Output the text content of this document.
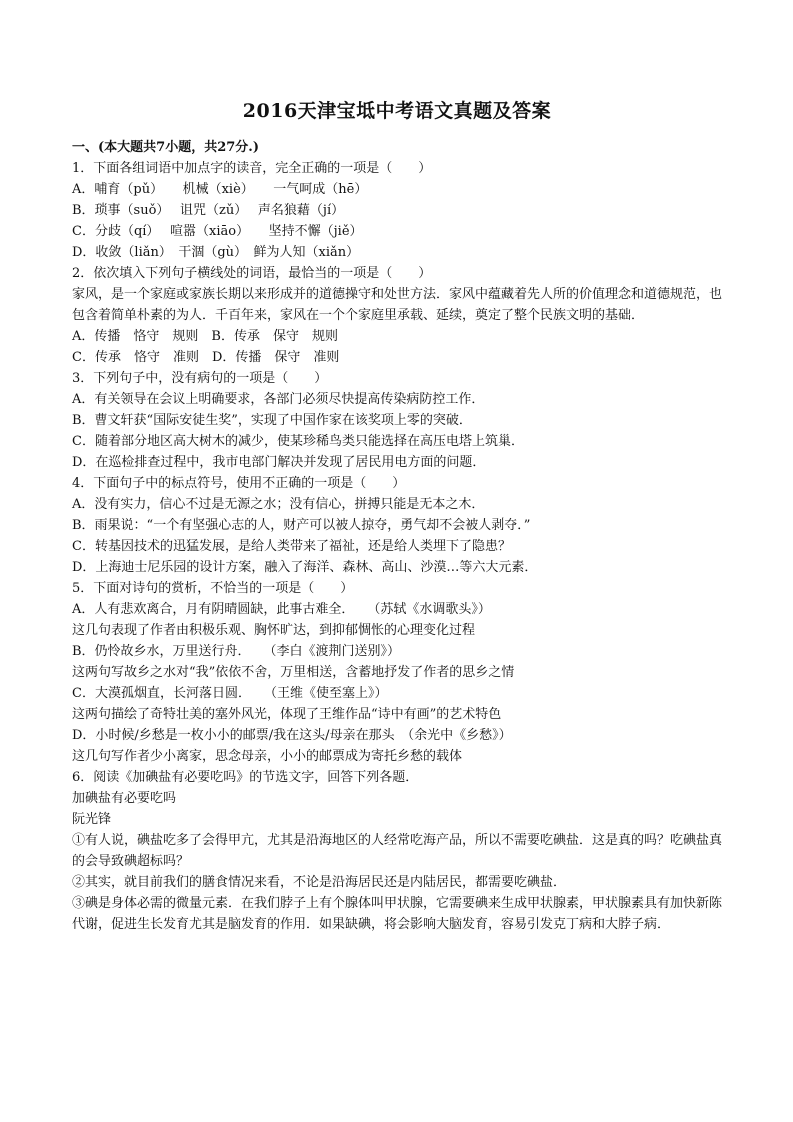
2016天津宝坻中考语文真题及答案
一、(本大题共7小题，共27分.)
1．下面各组词语中加点字的读音，完全正确的一项是（　　）
A．哺育（pǔ）　　机械（xiè）　　一气呵成（hē）
B．琐事（suǒ）　 诅咒（zǔ）　 声名狼藉（jí）
C．分歧（qí）　 喧嚣（xiāo）　　坚持不懈（jiě）
D．收敛（liǎn）　干涸（gù）　鲜为人知（xiǎn）
2．依次填入下列句子横线处的词语，最恰当的一项是（　　）
家风，是一个家庭或家族长期以来形成并的道德操守和处世方法．家风中蕴藏着先人所的价值理念和道德规范，也包含着简单朴素的为人．千百年来，家风在一个个家庭里承载、延续，奠定了整个民族文明的基础．
A．传播　恪守　规则　B．传承　保守　规则
C．传承　恪守　准则　D．传播　保守　准则
3．下列句子中，没有病句的一项是（　　）
A．有关领导在会议上明确要求，各部门必须尽快提高传染病防控工作．
B．曹文轩获“国际安徒生奖”，实现了中国作家在该奖项上零的突破．
C．随着部分地区高大树木的减少，使某珍稀鸟类只能选择在高压电塔上筑巢．
D．在巡检排查过程中，我市电部门解决并发现了居民用电方面的问题．
4．下面句子中的标点符号，使用不正确的一项是（　　）
A．没有实力，信心不过是无源之水；没有信心，拼搏只能是无本之木．
B．雨果说：“一个有坚强心志的人，财产可以被人掠夺，勇气却不会被人剥夺．”
C．转基因技术的迅猛发展，是给人类带来了福祉，还是给人类埋下了隐患？
D．上海迪士尼乐园的设计方案，融入了海洋、森林、高山、沙漠…等六大元素．
5．下面对诗句的赏析，不恰当的一项是（　　）
A．人有悲欢离合，月有阴晴圆缺，此事古难全．　　（苏轼《水调歌头》）
这几句表现了作者由积极乐观、胸怀旷达，到抑郁惆怅的心理变化过程
B．仍怜故乡水，万里送行舟．　　（李白《渡荆门送别》）
这两句写故乡之水对“我”依依不舍，万里相送，含蓄地抒发了作者的思乡之情
C．大漠孤烟直，长河落日圆．　　（王维《使至塞上》）
这两句描绘了奇特壮美的塞外风光，体现了王维作品“诗中有画”的艺术特色
D．小时候/乡愁是一枚小小的邮票/我在这头/母亲在那头　（余光中《乡愁》）
这几句写作者少小离家，思念母亲，小小的邮票成为寄托乡愁的载体
6．阅读《加碘盐有必要吃吗》的节选文字，回答下列各题．
加碘盐有必要吃吗
阮光锋
①有人说，碘盐吃多了会得甲亢，尤其是沿海地区的人经常吃海产品，所以不需要吃碘盐．这是真的吗？吃碘盐真的会导致碘超标吗？
②其实，就目前我们的膳食情况来看，不论是沿海居民还是内陆居民，都需要吃碘盐．
③碘是身体必需的微量元素．在我们脖子上有个腺体叫甲状腺，它需要碘来生成甲状腺素，甲状腺素具有加快新陈代谢，促进生长发育尤其是脑发育的作用．如果缺碘，将会影响大脑发育，容易引发克丁病和大脖子病．
